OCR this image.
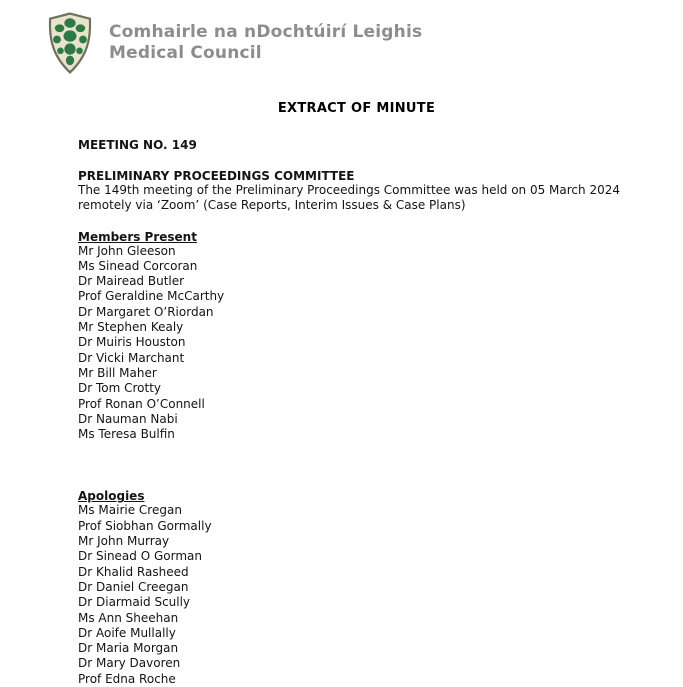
Comhairle na nDochtúirí Leighis
Medical Council
EXTRACT OF MINUTE
MEETING NO. 149
PRELIMINARY PROCEEDINGS COMMITTEE
The 149th meeting of the Preliminary Proceedings Committee was held on 05 March 2024
remotely via ‘Zoom’ (Case Reports, Interim Issues & Case Plans)
Members Present
Mr John Gleeson
Ms Sinead Corcoran
Dr Mairead Butler
Prof Geraldine McCarthy
Dr Margaret O’Riordan
Mr Stephen Kealy
Dr Muiris Houston
Dr Vicki Marchant
Mr Bill Maher
Dr Tom Crotty
Prof Ronan O’Connell
Dr Nauman Nabi
Ms Teresa Bulfin
Apologies
Ms Mairie Cregan
Prof Siobhan Gormally
Mr John Murray
Dr Sinead O Gorman
Dr Khalid Rasheed
Dr Daniel Creegan
Dr Diarmaid Scully
Ms Ann Sheehan
Dr Aoife Mullally
Dr Maria Morgan
Dr Mary Davoren
Prof Edna Roche
